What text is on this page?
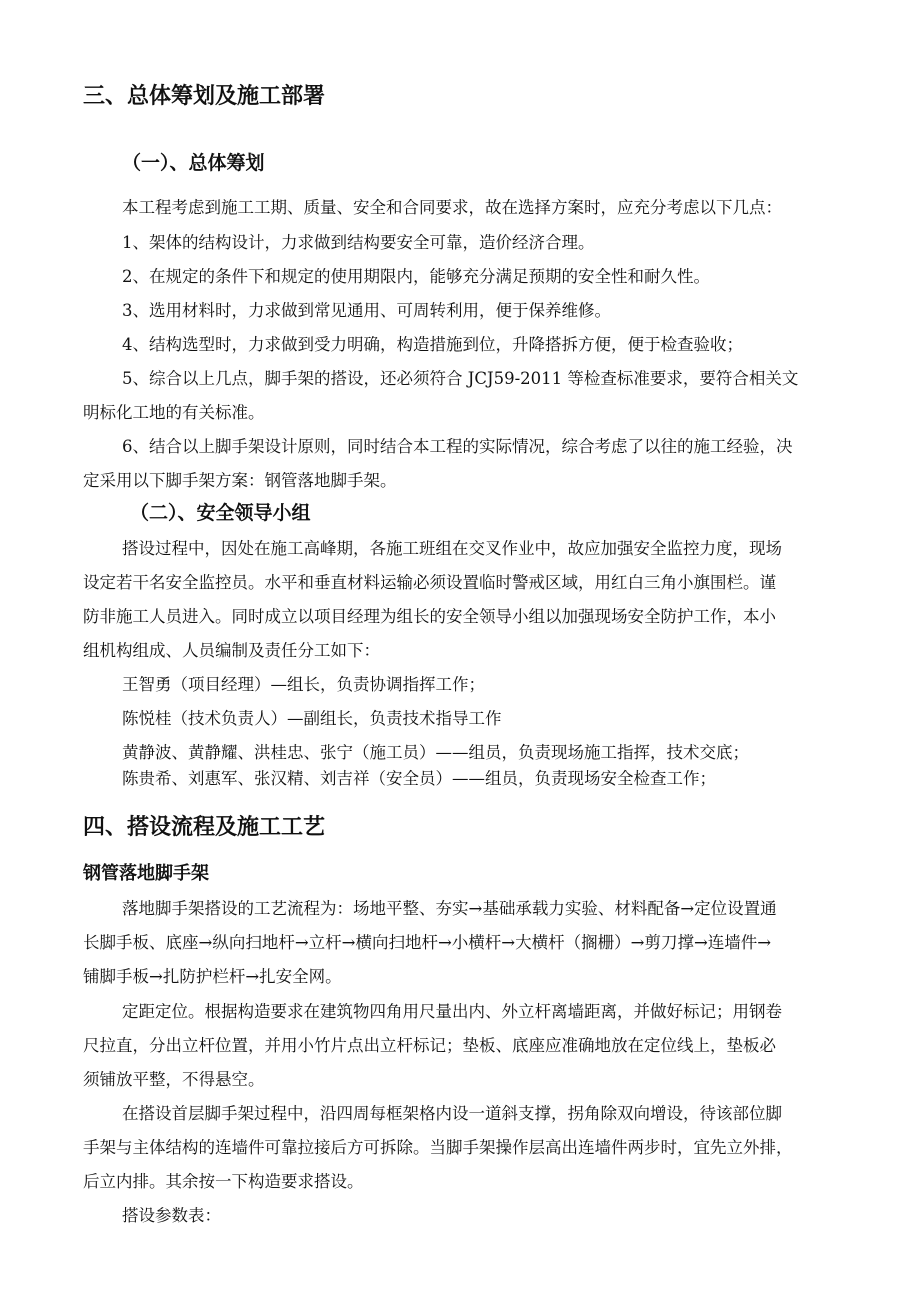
三、总体筹划及施工部署
（一）、总体筹划

本工程考虑到施工工期、质量、安全和合同要求，故在选择方案时，应充分考虑以下几点：

1、架体的结构设计，力求做到结构要安全可靠，造价经济合理。

2、在规定的条件下和规定的使用期限内，能够充分满足预期的安全性和耐久性。

3、选用材料时，力求做到常见通用、可周转利用，便于保养维修。

4、结构选型时，力求做到受力明确，构造措施到位，升降搭拆方便，便于检查验收；

5、综合以上几点，脚手架的搭设，还必须符合 JCJ59-2011 等检查标准要求，要符合相关文

明标化工地的有关标准。

6、结合以上脚手架设计原则，同时结合本工程的实际情况，综合考虑了以往的施工经验，决

定采用以下脚手架方案：钢管落地脚手架。

（二）、安全领导小组

搭设过程中，因处在施工高峰期，各施工班组在交叉作业中，故应加强安全监控力度，现场

设定若干名安全监控员。水平和垂直材料运输必须设置临时警戒区域，用红白三角小旗围栏。谨

防非施工人员进入。同时成立以项目经理为组长的安全领导小组以加强现场安全防护工作，本小

组机构组成、人员编制及责任分工如下：

王智勇（项目经理）—组长，负责协调指挥工作；

陈悦桂（技术负责人）—副组长，负责技术指导工作

黄静波、黄静耀、洪桂忠、张宁（施工员）——组员，负责现场施工指挥，技术交底；

陈贵希、刘惠军、张汉精、刘吉祥（安全员）——组员，负责现场安全检查工作；

四、搭设流程及施工工艺
钢管落地脚手架

落地脚手架搭设的工艺流程为：场地平整、夯实→基础承载力实验、材料配备→定位设置通

长脚手板、底座→纵向扫地杆→立杆→横向扫地杆→小横杆→大横杆（搁栅）→剪刀撑→连墙件→

铺脚手板→扎防护栏杆→扎安全网。

定距定位。根据构造要求在建筑物四角用尺量出内、外立杆离墙距离，并做好标记；用钢卷

尺拉直，分出立杆位置，并用小竹片点出立杆标记；垫板、底座应准确地放在定位线上，垫板必

须铺放平整，不得悬空。

在搭设首层脚手架过程中，沿四周每框架格内设一道斜支撑，拐角除双向增设，待该部位脚

手架与主体结构的连墙件可靠拉接后方可拆除。当脚手架操作层高出连墙件两步时，宜先立外排，

后立内排。其余按一下构造要求搭设。

搭设参数表：
